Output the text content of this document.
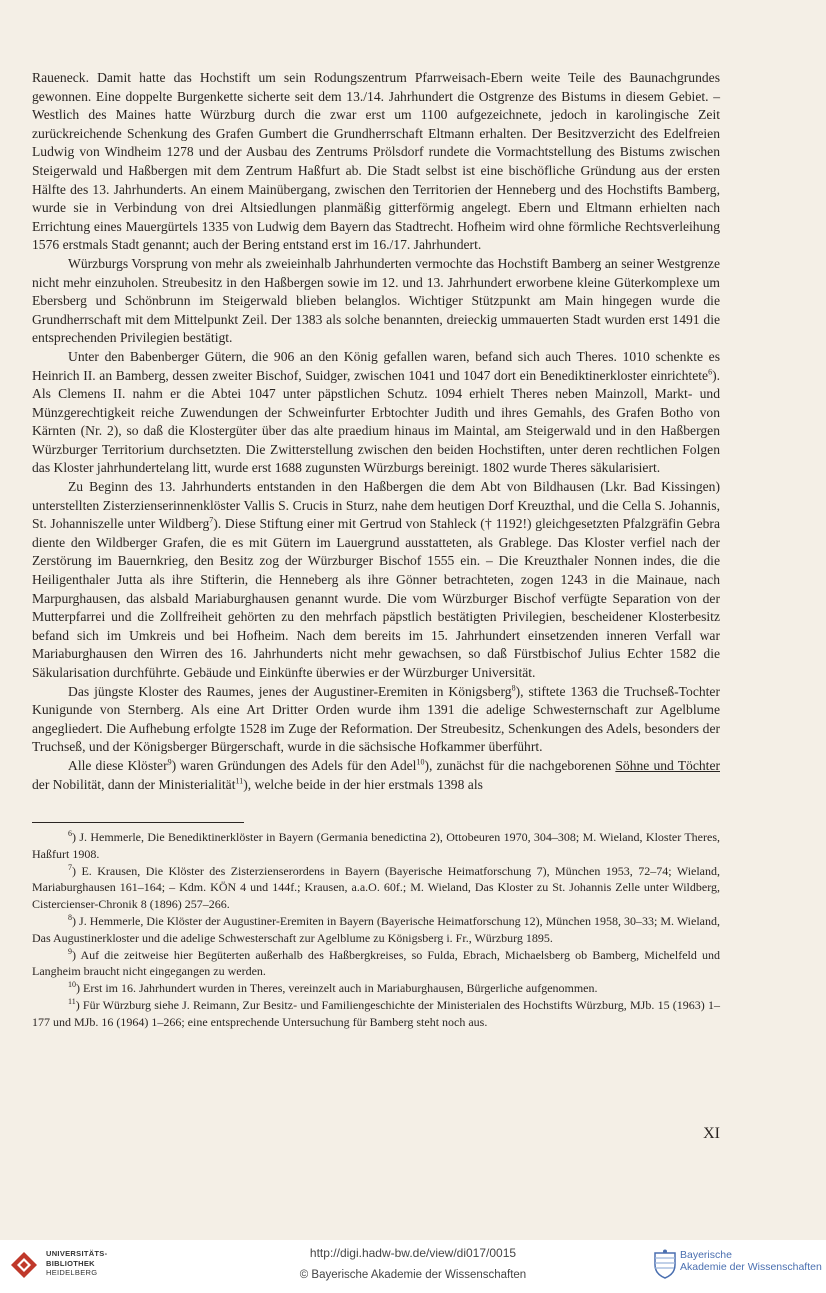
Raueneck. Damit hatte das Hochstift um sein Rodungszentrum Pfarrweisach-Ebern weite Teile des Baunachgrundes gewonnen. Eine doppelte Burgenkette sicherte seit dem 13./14. Jahrhundert die Ostgrenze des Bistums in diesem Gebiet. – Westlich des Maines hatte Würzburg durch die zwar erst um 1100 aufgezeichnete, jedoch in karolingische Zeit zurückreichende Schenkung des Grafen Gumbert die Grundherrschaft Eltmann erhalten. Der Besitzverzicht des Edelfreien Ludwig von Windheim 1278 und der Ausbau des Zentrums Prölsdorf rundete die Vormachtstellung des Bistums zwischen Steigerwald und Haßbergen mit dem Zentrum Haßfurt ab. Die Stadt selbst ist eine bischöfliche Gründung aus der ersten Hälfte des 13. Jahrhunderts. An einem Mainübergang, zwischen den Territorien der Henneberg und des Hochstifts Bamberg, wurde sie in Verbindung von drei Altsiedlungen planmäßig gitterförmig angelegt. Ebern und Eltmann erhielten nach Errichtung eines Mauergürtels 1335 von Ludwig dem Bayern das Stadtrecht. Hofheim wird ohne förmliche Rechtsverleihung 1576 erstmals Stadt genannt; auch der Bering entstand erst im 16./17. Jahrhundert.

Würzburgs Vorsprung von mehr als zweieinhalb Jahrhunderten vermochte das Hochstift Bamberg an seiner Westgrenze nicht mehr einzuholen. Streubesitz in den Haßbergen sowie im 12. und 13. Jahrhundert erworbene kleine Güterkomplexe um Ebersberg und Schönbrunn im Steigerwald blieben belanglos. Wichtiger Stützpunkt am Main hingegen wurde die Grundherrschaft mit dem Mittelpunkt Zeil. Der 1383 als solche benannten, dreieckig ummauerten Stadt wurden erst 1491 die entsprechenden Privilegien bestätigt.

Unter den Babenberger Gütern, die 906 an den König gefallen waren, befand sich auch Theres. 1010 schenkte es Heinrich II. an Bamberg, dessen zweiter Bischof, Suidger, zwischen 1041 und 1047 dort ein Benediktinerkloster einrichtete$^6$). Als Clemens II. nahm er die Abtei 1047 unter päpstlichen Schutz. 1094 erhielt Theres neben Mainzoll, Markt- und Münzgerechtigkeit reiche Zuwendungen der Schweinfurter Erbtochter Judith und ihres Gemahls, des Grafen Botho von Kärnten (Nr. 2), so daß die Klostergüter über das alte praedium hinaus im Maintal, am Steigerwald und in den Haßbergen Würzburger Territorium durchsetzten. Die Zwitterstellung zwischen den beiden Hochstiften, unter deren rechtlichen Folgen das Kloster jahrhundertelang litt, wurde erst 1688 zugunsten Würzburgs bereinigt. 1802 wurde Theres säkularisiert.

Zu Beginn des 13. Jahrhunderts entstanden in den Haßbergen die dem Abt von Bildhausen (Lkr. Bad Kissingen) unterstellten Zisterzienserinnenklöster Vallis S. Crucis in Sturz, nahe dem heutigen Dorf Kreuzthal, und die Cella S. Johannis, St. Johanniszelle unter Wildberg$^7$). Diese Stiftung einer mit Gertrud von Stahleck († 1192!) gleichgesetzten Pfalzgräfin Gebra diente den Wildberger Grafen, die es mit Gütern im Lauergrund ausstatteten, als Grablege. Das Kloster verfiel nach der Zerstörung im Bauernkrieg, den Besitz zog der Würzburger Bischof 1555 ein. – Die Kreuzthaler Nonnen indes, die die Heiligenthaler Jutta als ihre Stifterin, die Henneberg als ihre Gönner betrachteten, zogen 1243 in die Mainaue, nach Marpurghausen, das alsbald Mariaburghausen genannt wurde. Die vom Würzburger Bischof verfügte Separation von der Mutterpfarrei und die Zollfreiheit gehörten zu den mehrfach päpstlich bestätigten Privilegien, bescheidener Klosterbesitz befand sich im Umkreis und bei Hofheim. Nach dem bereits im 15. Jahrhundert einsetzenden inneren Verfall war Mariaburghausen den Wirren des 16. Jahrhunderts nicht mehr gewachsen, so daß Fürstbischof Julius Echter 1582 die Säkularisation durchführte. Gebäude und Einkünfte überwies er der Würzburger Universität.

Das jüngste Kloster des Raumes, jenes der Augustiner-Eremiten in Königsberg$^8$), stiftete 1363 die Truchseß-Tochter Kunigunde von Sternberg. Als eine Art Dritter Orden wurde ihm 1391 die adelige Schwesternschaft zur Agelblume angegliedert. Die Aufhebung erfolgte 1528 im Zuge der Reformation. Der Streubesitz, Schenkungen des Adels, besonders der Truchseß, und der Königsberger Bürgerschaft, wurde in die sächsische Hofkammer überführt.

Alle diese Klöster$^9$) waren Gründungen des Adels für den Adel$^{10}$), zunächst für die nachgeborenen Söhne und Töchter der Nobilität, dann der Ministerialität$^{11}$), welche beide in der hier erstmals 1398 als

$^6$) J. Hemmerle, Die Benediktinerklöster in Bayern (Germania benedictina 2), Ottobeuren 1970, 304–308; M. Wieland, Kloster Theres, Haßfurt 1908.

$^7$) E. Krausen, Die Klöster des Zisterzienserordens in Bayern (Bayerische Heimatforschung 7), München 1953, 72–74; Wieland, Mariaburghausen 161–164; – Kdm. KÖN 4 und 144f.; Krausen, a.a.O. 60f.; M. Wieland, Das Kloster zu St. Johannis Zelle unter Wildberg, Cistercienser-Chronik 8 (1896) 257–266.

$^8$) J. Hemmerle, Die Klöster der Augustiner-Eremiten in Bayern (Bayerische Heimatforschung 12), München 1958, 30–33; M. Wieland, Das Augustinerkloster und die adelige Schwesterschaft zur Agelblume zu Königsberg i. Fr., Würzburg 1895.

$^9$) Auf die zeitweise hier Begüterten außerhalb des Haßbergkreises, so Fulda, Ebrach, Michaelsberg ob Bamberg, Michelfeld und Langheim braucht nicht eingegangen zu werden.

$^{10}$) Erst im 16. Jahrhundert wurden in Theres, vereinzelt auch in Mariaburghausen, Bürgerliche aufgenommen.

$^{11}$) Für Würzburg siehe J. Reimann, Zur Besitz- und Familiengeschichte der Ministerialen des Hochstifts Würzburg, MJb. 15 (1963) 1–177 und MJb. 16 (1964) 1–266; eine entsprechende Untersuchung für Bamberg steht noch aus.

XI
UNIVERSITÄTS-
BIBLIOTHEK
HEIDELBERG
http://digi.hadw-bw.de/view/di017/0015
© Bayerische Akademie der Wissenschaften
Bayerische
Akademie der Wissenschaften
